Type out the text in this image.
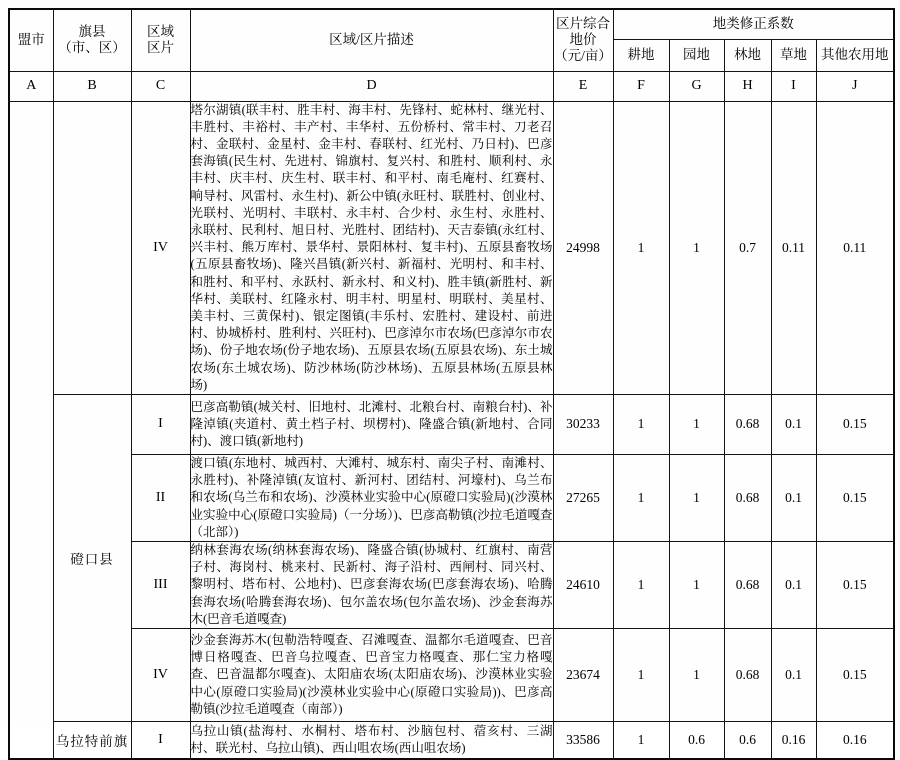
盟市	旗县
（市、区）	区域
区片	区域/区片描述	区片综合
地价
（元/亩）	地类修正系数				
					耕地	园地	林地	草地	其他农用地
A	B	C	D	E	F	G	H	I	J
		IV	塔尔湖镇(联丰村、胜丰村、海丰村、先锋村、蛇林村、继光村、丰胜村、丰裕村、丰产村、丰华村、五份桥村、常丰村、刀老召村、金联村、金星村、金丰村、春联村、红光村、乃日村)、巴彦套海镇(民生村、先进村、锦旗村、复兴村、和胜村、顺利村、永丰村、庆丰村、庆生村、联丰村、和平村、南毛庵村、红赛村、响导村、风雷村、永生村)、新公中镇(永旺村、联胜村、创业村、光联村、光明村、丰联村、永丰村、合少村、永生村、永胜村、永联村、民利村、旭日村、光胜村、团结村)、天吉泰镇(永红村、兴丰村、熊万库村、景华村、景阳林村、复丰村)、五原县畜牧场(五原县畜牧场)、隆兴昌镇(新兴村、新福村、光明村、和丰村、和胜村、和平村、永跃村、新永村、和义村)、胜丰镇(新胜村、新华村、美联村、红隆永村、明丰村、明星村、明联村、美星村、美丰村、三黄保村)、银定图镇(丰乐村、宏胜村、建设村、前进村、协城桥村、胜利村、兴旺村)、巴彦淖尔市农场(巴彦淖尔市农场)、份子地农场(份子地农场)、五原县农场(五原县农场)、东土城农场(东土城农场)、防沙林场(防沙林场)、五原县林场(五原县林场)	24998	1	1	0.7	0.11	0.11
	磴口县	I	巴彦高勒镇(城关村、旧地村、北滩村、北粮台村、南粮台村)、补隆淖镇(夹道村、黄土档子村、坝楞村)、隆盛合镇(新地村、合同村)、渡口镇(新地村)	30233	1	1	0.68	0.1	0.15
		II	渡口镇(东地村、城西村、大滩村、城东村、南尖子村、南滩村、永胜村)、补隆淖镇(友谊村、新河村、团结村、河壕村)、乌兰布和农场(乌兰布和农场)、沙漠林业实验中心(原磴口实验局)(沙漠林业实验中心(原磴口实验局)（一分场）)、巴彦高勒镇(沙拉毛道嘎查（北部）)	27265	1	1	0.68	0.1	0.15
		III	纳林套海农场(纳林套海农场)、隆盛合镇(协城村、红旗村、南营子村、海岗村、桃来村、民新村、海子沿村、西闸村、同兴村、黎明村、塔布村、公地村)、巴彦套海农场(巴彦套海农场)、哈腾套海农场(哈腾套海农场)、包尔盖农场(包尔盖农场)、沙金套海苏木(巴音毛道嘎查)	24610	1	1	0.68	0.1	0.15
		IV	沙金套海苏木(包勒浩特嘎查、召滩嘎查、温都尔毛道嘎查、巴音博日格嘎查、巴音乌拉嘎查、巴音宝力格嘎查、那仁宝力格嘎查、巴音温都尔嘎查)、太阳庙农场(太阳庙农场)、沙漠林业实验中心(原磴口实验局)(沙漠林业实验中心(原磴口实验局))、巴彦高勒镇(沙拉毛道嘎查（南部）)	23674	1	1	0.68	0.1	0.15
	乌拉特前旗	I	乌拉山镇(盐海村、水桐村、塔布村、沙脑包村、蓿亥村、三湖村、联光村、乌拉山镇)、西山咀农场(西山咀农场)	33586	1	0.6	0.6	0.16	0.16
